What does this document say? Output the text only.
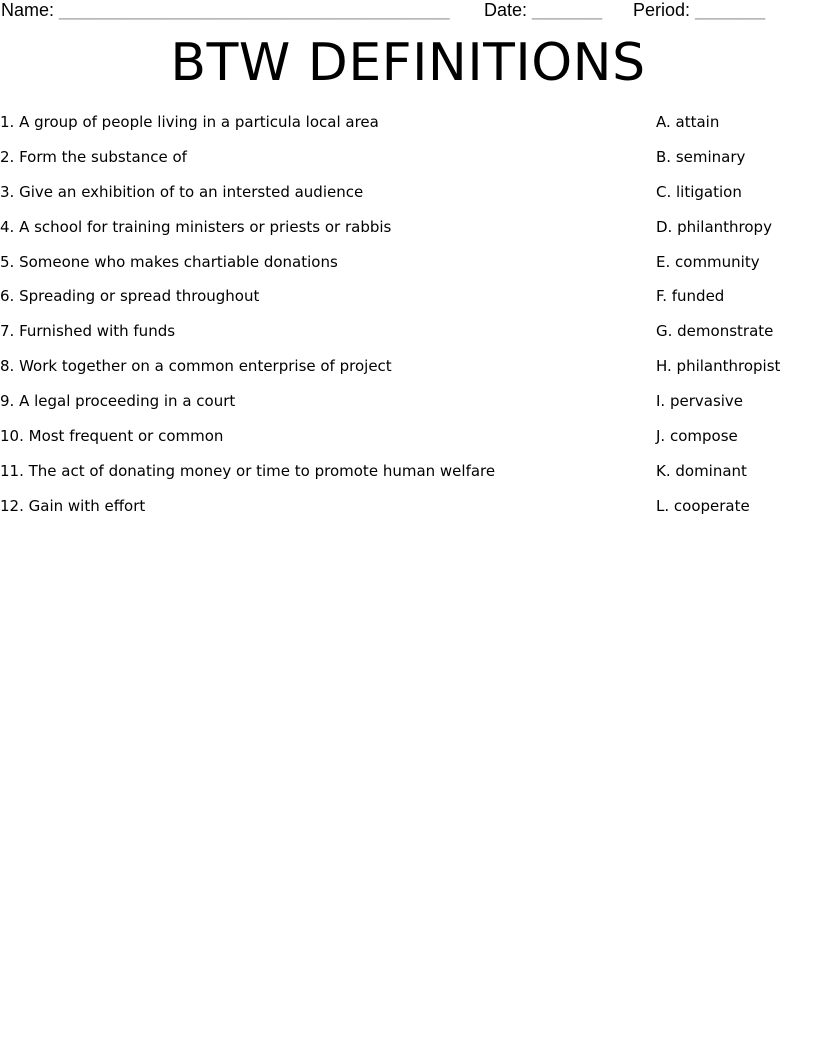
Name: _______________________________________ Date: _______ Period: _______
BTW DEFINITIONS
1. A group of people living in a particula local area
2. Form the substance of
3. Give an exhibition of to an intersted audience
4. A school for training ministers or priests or rabbis
5. Someone who makes chartiable donations
6. Spreading or spread throughout
7. Furnished with funds
8. Work together on a common enterprise of project
9. A legal proceeding in a court
10. Most frequent or common
11. The act of donating money or time to promote human welfare
12. Gain with effort
A. attain
B. seminary
C. litigation
D. philanthropy
E. community
F. funded
G. demonstrate
H. philanthropist
I. pervasive
J. compose
K. dominant
L. cooperate
